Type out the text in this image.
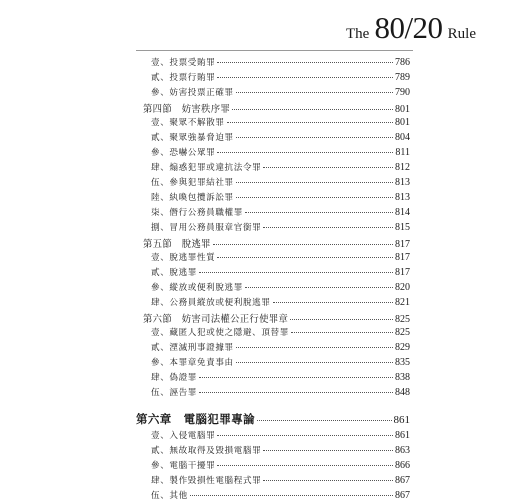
The 80/20 Rule
壹、投票受賄罪	786
貳、投票行賄罪	789
參、妨害投票正確罪	790
第四節　妨害秩序罪	801
壹、聚眾不解散罪	801
貳、聚眾強暴脅迫罪	804
參、恐嚇公眾罪	811
肆、煽惑犯罪或違抗法令罪	812
伍、參與犯罪結社罪	813
陸、紈喚包攬訴訟罪	813
柒、僭行公務員職權罪	814
捌、冒用公務員服章官銜罪	815
第五節　脫逃罪	817
壹、脫逃罪性質	817
貳、脫逃罪	817
參、縱放或便利脫逃罪	820
肆、公務員縱放或便利脫逃罪	821
第六節　妨害司法權公正行使罪章	825
壹、藏匿人犯或使之隱避、頂替罪	825
貳、湮滅刑事證據罪	829
參、本罪章免責事由	835
肆、偽證罪	838
伍、誣告罪	848
第六章　電腦犯罪專論	861
壹、入侵電腦罪	861
貳、無故取得及毀損電腦罪	863
參、電腦干擾罪	866
肆、製作毀損性電腦程式罪	867
伍、其他	867
